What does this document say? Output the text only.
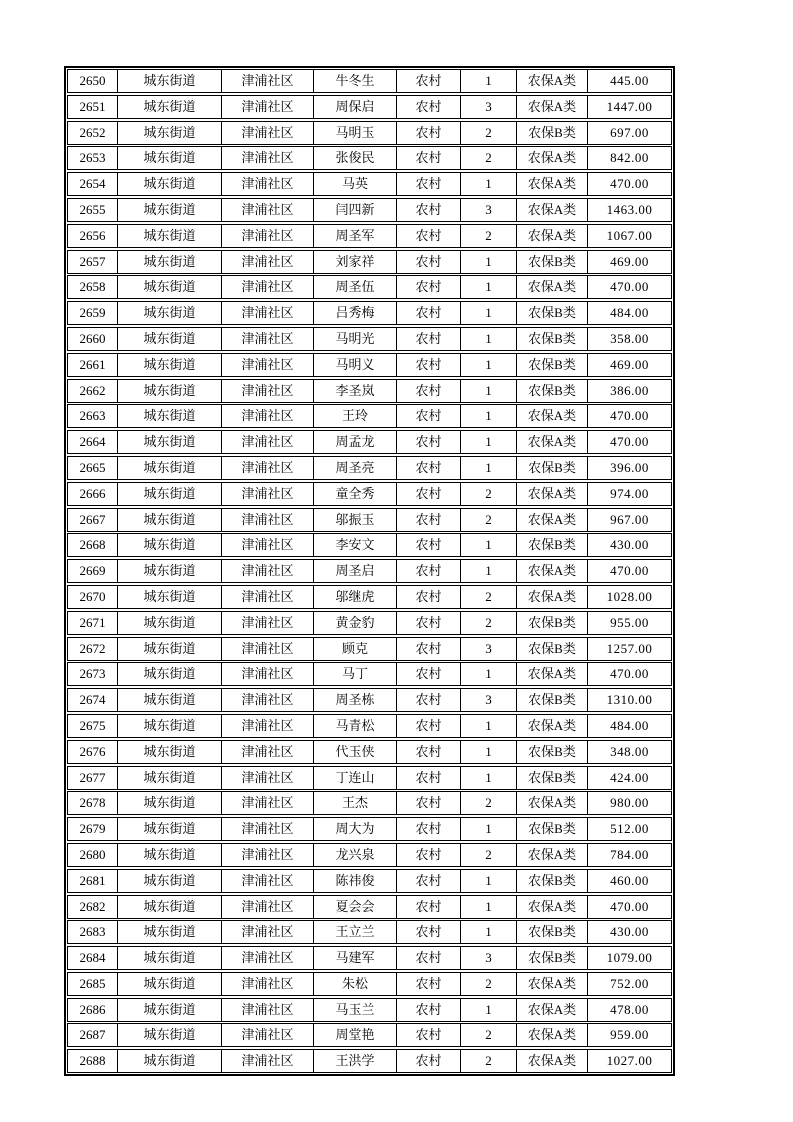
2650	城东街道	津浦社区	牛冬生	农村	1	农保A类	445.00
2651	城东街道	津浦社区	周保启	农村	3	农保A类	1447.00
2652	城东街道	津浦社区	马明玉	农村	2	农保B类	697.00
2653	城东街道	津浦社区	张俊民	农村	2	农保A类	842.00
2654	城东街道	津浦社区	马英	农村	1	农保A类	470.00
2655	城东街道	津浦社区	闫四新	农村	3	农保A类	1463.00
2656	城东街道	津浦社区	周圣军	农村	2	农保A类	1067.00
2657	城东街道	津浦社区	刘家祥	农村	1	农保B类	469.00
2658	城东街道	津浦社区	周圣伍	农村	1	农保A类	470.00
2659	城东街道	津浦社区	吕秀梅	农村	1	农保B类	484.00
2660	城东街道	津浦社区	马明光	农村	1	农保B类	358.00
2661	城东街道	津浦社区	马明义	农村	1	农保B类	469.00
2662	城东街道	津浦社区	李圣岚	农村	1	农保B类	386.00
2663	城东街道	津浦社区	王玲	农村	1	农保A类	470.00
2664	城东街道	津浦社区	周孟龙	农村	1	农保A类	470.00
2665	城东街道	津浦社区	周圣亮	农村	1	农保B类	396.00
2666	城东街道	津浦社区	童全秀	农村	2	农保A类	974.00
2667	城东街道	津浦社区	邬振玉	农村	2	农保A类	967.00
2668	城东街道	津浦社区	李安文	农村	1	农保B类	430.00
2669	城东街道	津浦社区	周圣启	农村	1	农保A类	470.00
2670	城东街道	津浦社区	邬继虎	农村	2	农保A类	1028.00
2671	城东街道	津浦社区	黄金豹	农村	2	农保B类	955.00
2672	城东街道	津浦社区	顾克	农村	3	农保B类	1257.00
2673	城东街道	津浦社区	马丁	农村	1	农保A类	470.00
2674	城东街道	津浦社区	周圣栋	农村	3	农保B类	1310.00
2675	城东街道	津浦社区	马青松	农村	1	农保A类	484.00
2676	城东街道	津浦社区	代玉侠	农村	1	农保B类	348.00
2677	城东街道	津浦社区	丁连山	农村	1	农保B类	424.00
2678	城东街道	津浦社区	王杰	农村	2	农保A类	980.00
2679	城东街道	津浦社区	周大为	农村	1	农保B类	512.00
2680	城东街道	津浦社区	龙兴泉	农村	2	农保A类	784.00
2681	城东街道	津浦社区	陈祎俊	农村	1	农保B类	460.00
2682	城东街道	津浦社区	夏会会	农村	1	农保A类	470.00
2683	城东街道	津浦社区	王立兰	农村	1	农保B类	430.00
2684	城东街道	津浦社区	马建军	农村	3	农保B类	1079.00
2685	城东街道	津浦社区	朱松	农村	2	农保A类	752.00
2686	城东街道	津浦社区	马玉兰	农村	1	农保A类	478.00
2687	城东街道	津浦社区	周堂艳	农村	2	农保A类	959.00
2688	城东街道	津浦社区	王洪学	农村	2	农保A类	1027.00
